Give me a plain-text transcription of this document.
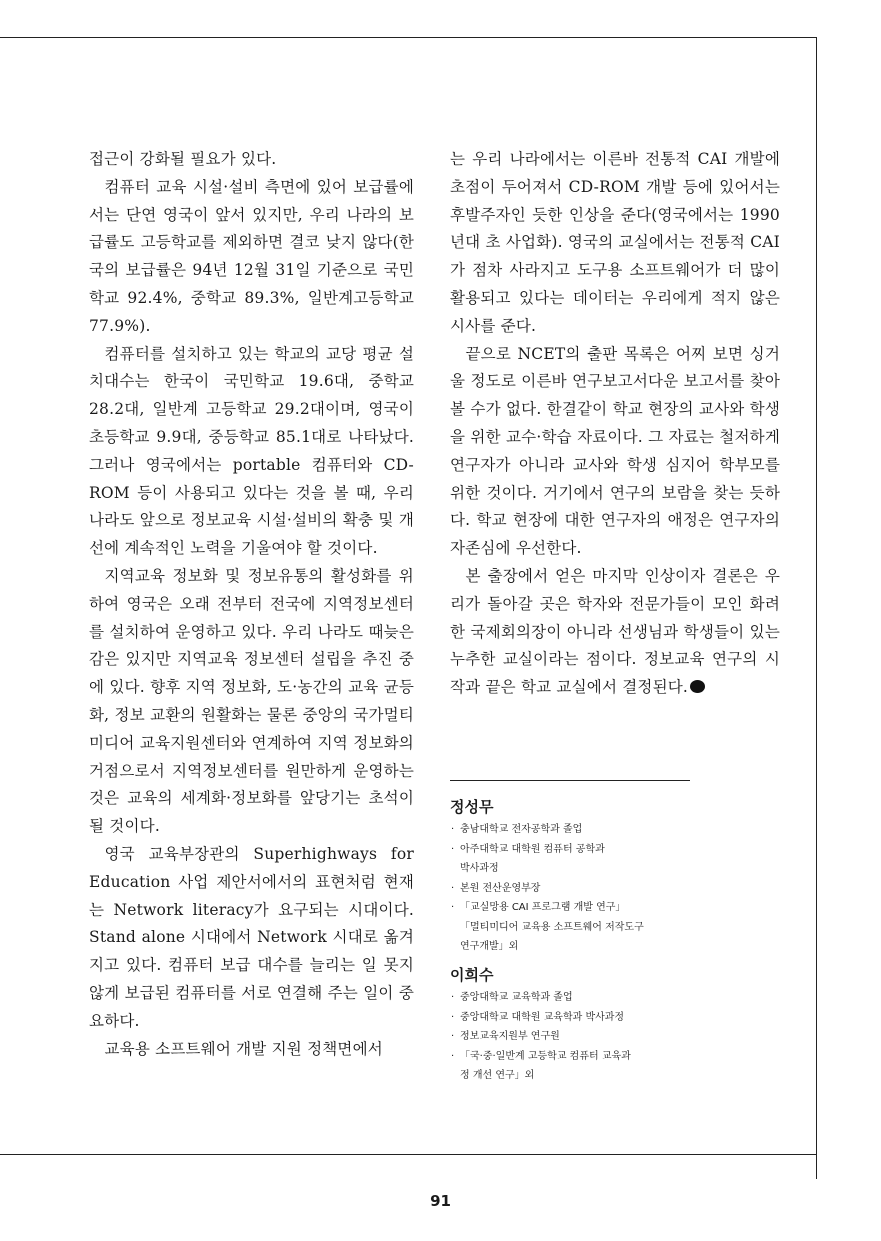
접근이 강화될 필요가 있다.

컴퓨터 교육 시설·설비 측면에 있어 보급률에서는 단연 영국이 앞서 있지만, 우리 나라의 보급률도 고등학교를 제외하면 결코 낮지 않다(한국의 보급률은 94년 12월 31일 기준으로 국민학교 92.4%, 중학교 89.3%, 일반계고등학교 77.9%).

컴퓨터를 설치하고 있는 학교의 교당 평균 설치대수는 한국이 국민학교 19.6대, 중학교 28.2대, 일반계 고등학교 29.2대이며, 영국이 초등학교 9.9대, 중등학교 85.1대로 나타났다. 그러나 영국에서는 portable 컴퓨터와 CD-ROM 등이 사용되고 있다는 것을 볼 때, 우리 나라도 앞으로 정보교육 시설·설비의 확충 및 개선에 계속적인 노력을 기울여야 할 것이다.

지역교육 정보화 및 정보유통의 활성화를 위하여 영국은 오래 전부터 전국에 지역정보센터를 설치하여 운영하고 있다. 우리 나라도 때늦은 감은 있지만 지역교육 정보센터 설립을 추진 중에 있다. 향후 지역 정보화, 도·농간의 교육 균등화, 정보 교환의 원활화는 물론 중앙의 국가멀티미디어 교육지원센터와 연계하여 지역 정보화의 거점으로서 지역정보센터를 원만하게 운영하는 것은 교육의 세계화·정보화를 앞당기는 초석이 될 것이다.

영국 교육부장관의 Superhighways for Education 사업 제안서에서의 표현처럼 현재는 Network literacy가 요구되는 시대이다. Stand alone 시대에서 Network 시대로 옮겨지고 있다. 컴퓨터 보급 대수를 늘리는 일 못지 않게 보급된 컴퓨터를 서로 연결해 주는 일이 중요하다.

교육용 소프트웨어 개발 지원 정책면에서

는 우리 나라에서는 이른바 전통적 CAI 개발에 초점이 두어져서 CD-ROM 개발 등에 있어서는 후발주자인 듯한 인상을 준다(영국에서는 1990년대 초 사업화). 영국의 교실에서는 전통적 CAI가 점차 사라지고 도구용 소프트웨어가 더 많이 활용되고 있다는 데이터는 우리에게 적지 않은 시사를 준다.

끝으로 NCET의 출판 목록은 어찌 보면 싱거울 정도로 이른바 연구보고서다운 보고서를 찾아볼 수가 없다. 한결같이 학교 현장의 교사와 학생을 위한 교수·학습 자료이다. 그 자료는 철저하게 연구자가 아니라 교사와 학생 심지어 학부모를 위한 것이다. 거기에서 연구의 보람을 찾는 듯하다. 학교 현장에 대한 연구자의 애정은 연구자의 자존심에 우선한다.

본 출장에서 얻은 마지막 인상이자 결론은 우리가 돌아갈 곳은 학자와 전문가들이 모인 화려한 국제회의장이 아니라 선생님과 학생들이 있는 누추한 교실이라는 점이다. 정보교육 연구의 시작과 끝은 학교 교실에서 결정된다.

정성무
· 충남대학교 전자공학과 졸업
· 아주대학교 대학원 컴퓨터 공학과
박사과정
· 본원 전산운영부장
· 「교실망용 CAI 프로그램 개발 연구」
「멀티미디어 교육용 소프트웨어 저작도구
연구개발」외
이희수
· 중앙대학교 교육학과 졸업
· 중앙대학교 대학원 교육학과 박사과정
· 정보교육지원부 연구원
· 「국·중·일반계 고등학교 컴퓨터 교육과
정 개선 연구」외
91
